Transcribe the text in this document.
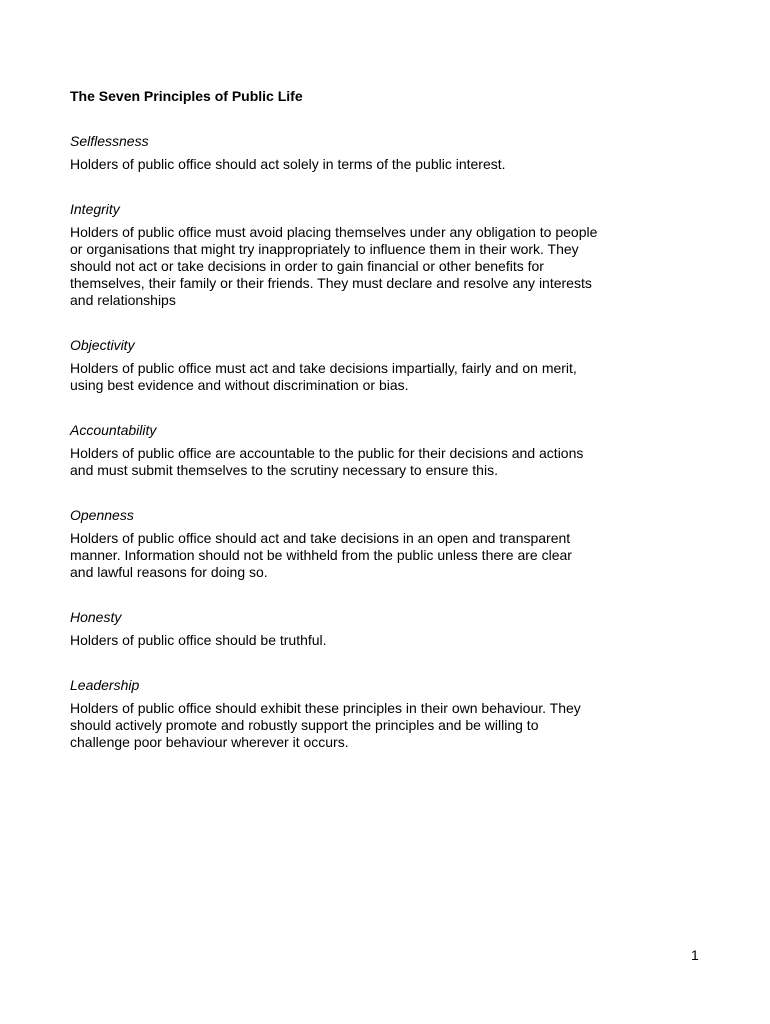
The Seven Principles of Public Life
Selflessness

Holders of public office should act solely in terms of the public interest.

Integrity

Holders of public office must avoid placing themselves under any obligation to people
or organisations that might try inappropriately to influence them in their work. They
should not act or take decisions in order to gain financial or other benefits for
themselves, their family or their friends. They must declare and resolve any interests
and relationships

Objectivity

Holders of public office must act and take decisions impartially, fairly and on merit,
using best evidence and without discrimination or bias.

Accountability

Holders of public office are accountable to the public for their decisions and actions
and must submit themselves to the scrutiny necessary to ensure this.

Openness

Holders of public office should act and take decisions in an open and transparent
manner. Information should not be withheld from the public unless there are clear
and lawful reasons for doing so.

Honesty

Holders of public office should be truthful.

Leadership

Holders of public office should exhibit these principles in their own behaviour. They
should actively promote and robustly support the principles and be willing to
challenge poor behaviour wherever it occurs.

1
